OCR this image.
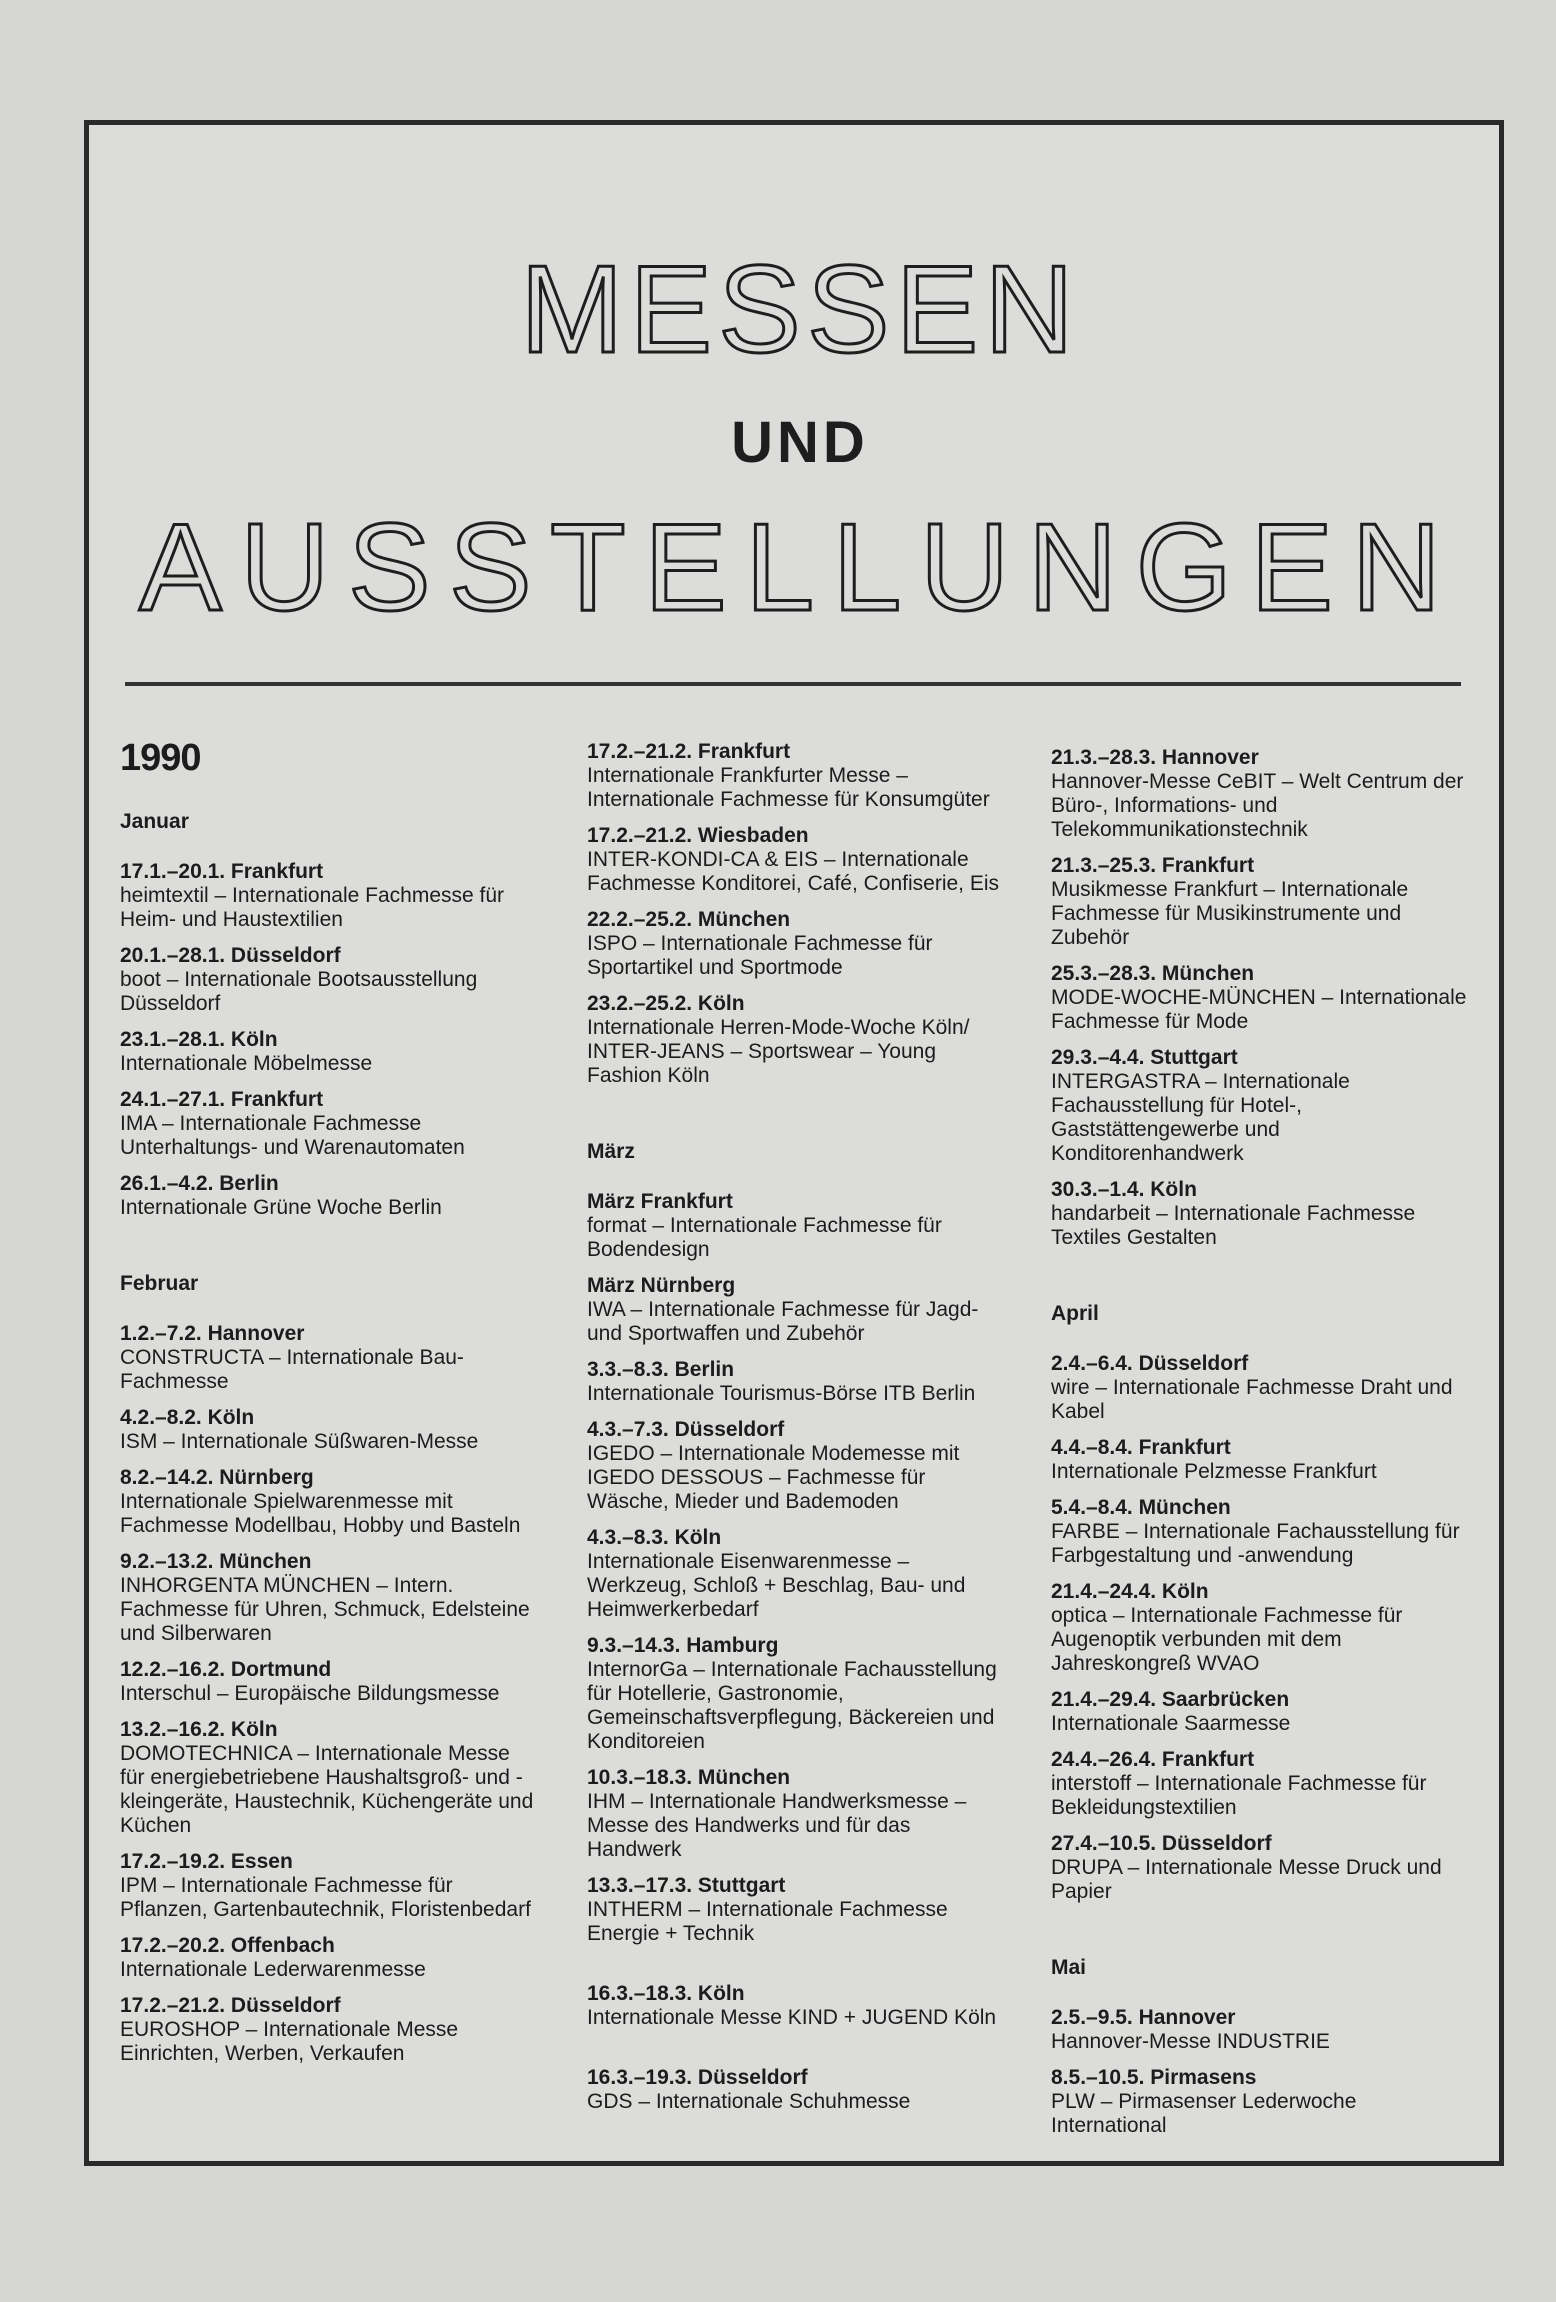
MESSEN
UND
AUSSTELLUNGEN
1990
Januar
17.1.–20.1. Frankfurt
heimtextil – Internationale Fachmesse für Heim- und Haustextilien
20.1.–28.1. Düsseldorf
boot – Internationale Bootsausstellung Düsseldorf
23.1.–28.1. Köln
Internationale Möbelmesse
24.1.–27.1. Frankfurt
IMA – Internationale Fachmesse Unterhaltungs- und Warenautomaten
26.1.–4.2. Berlin
Internationale Grüne Woche Berlin
Februar
1.2.–7.2. Hannover
CONSTRUCTA – Internationale Bau-Fachmesse
4.2.–8.2. Köln
ISM – Internationale Süßwaren-Messe
8.2.–14.2. Nürnberg
Internationale Spielwarenmesse mit Fachmesse Modellbau, Hobby und Basteln
9.2.–13.2. München
INHORGENTA MÜNCHEN – Intern. Fachmesse für Uhren, Schmuck, Edelsteine und Silberwaren
12.2.–16.2. Dortmund
Interschul – Europäische Bildungsmesse
13.2.–16.2. Köln
DOMOTECHNICA – Internationale Messe für energiebetriebene Haushaltsgroß- und -kleingeräte, Haustechnik, Küchengeräte und Küchen
17.2.–19.2. Essen
IPM – Internationale Fachmesse für Pflanzen, Gartenbautechnik, Floristenbedarf
17.2.–20.2. Offenbach
Internationale Lederwarenmesse
17.2.–21.2. Düsseldorf
EUROSHOP – Internationale Messe Einrichten, Werben, Verkaufen
17.2.–21.2. Frankfurt
Internationale Frankfurter Messe – Internationale Fachmesse für Konsumgüter
17.2.–21.2. Wiesbaden
INTER-KONDI-CA & EIS – Internationale Fachmesse Konditorei, Café, Confiserie, Eis
22.2.–25.2. München
ISPO – Internationale Fachmesse für Sportartikel und Sportmode
23.2.–25.2. Köln
Internationale Herren-Mode-Woche Köln/ INTER-JEANS – Sportswear – Young Fashion Köln
März
März Frankfurt
format – Internationale Fachmesse für Bodendesign
März Nürnberg
IWA – Internationale Fachmesse für Jagd- und Sportwaffen und Zubehör
3.3.–8.3. Berlin
Internationale Tourismus-Börse ITB Berlin
4.3.–7.3. Düsseldorf
IGEDO – Internationale Modemesse mit IGEDO DESSOUS – Fachmesse für Wäsche, Mieder und Bademoden
4.3.–8.3. Köln
Internationale Eisenwarenmesse – Werkzeug, Schloß + Beschlag, Bau- und Heimwerkerbedarf
9.3.–14.3. Hamburg
InternorGa – Internationale Fachausstellung für Hotellerie, Gastronomie, Gemeinschaftsverpflegung, Bäckereien und Konditoreien
10.3.–18.3. München
IHM – Internationale Handwerksmesse – Messe des Handwerks und für das Handwerk
13.3.–17.3. Stuttgart
INTHERM – Internationale Fachmesse Energie + Technik
16.3.–18.3. Köln
Internationale Messe KIND + JUGEND Köln
16.3.–19.3. Düsseldorf
GDS – Internationale Schuhmesse
21.3.–28.3. Hannover
Hannover-Messe CeBIT – Welt Centrum der Büro-, Informations- und Telekommunikationstechnik
21.3.–25.3. Frankfurt
Musikmesse Frankfurt – Internationale Fachmesse für Musikinstrumente und Zubehör
25.3.–28.3. München
MODE-WOCHE-MÜNCHEN – Internationale Fachmesse für Mode
29.3.–4.4. Stuttgart
INTERGASTRA – Internationale Fachausstellung für Hotel-, Gaststättengewerbe und Konditorenhandwerk
30.3.–1.4. Köln
handarbeit – Internationale Fachmesse Textiles Gestalten
April
2.4.–6.4. Düsseldorf
wire – Internationale Fachmesse Draht und Kabel
4.4.–8.4. Frankfurt
Internationale Pelzmesse Frankfurt
5.4.–8.4. München
FARBE – Internationale Fachausstellung für Farbgestaltung und -anwendung
21.4.–24.4. Köln
optica – Internationale Fachmesse für Augenoptik verbunden mit dem Jahreskongreß WVAO
21.4.–29.4. Saarbrücken
Internationale Saarmesse
24.4.–26.4. Frankfurt
interstoff – Internationale Fachmesse für Bekleidungstextilien
27.4.–10.5. Düsseldorf
DRUPA – Internationale Messe Druck und Papier
Mai
2.5.–9.5. Hannover
Hannover-Messe INDUSTRIE
8.5.–10.5. Pirmasens
PLW – Pirmasenser Lederwoche International
